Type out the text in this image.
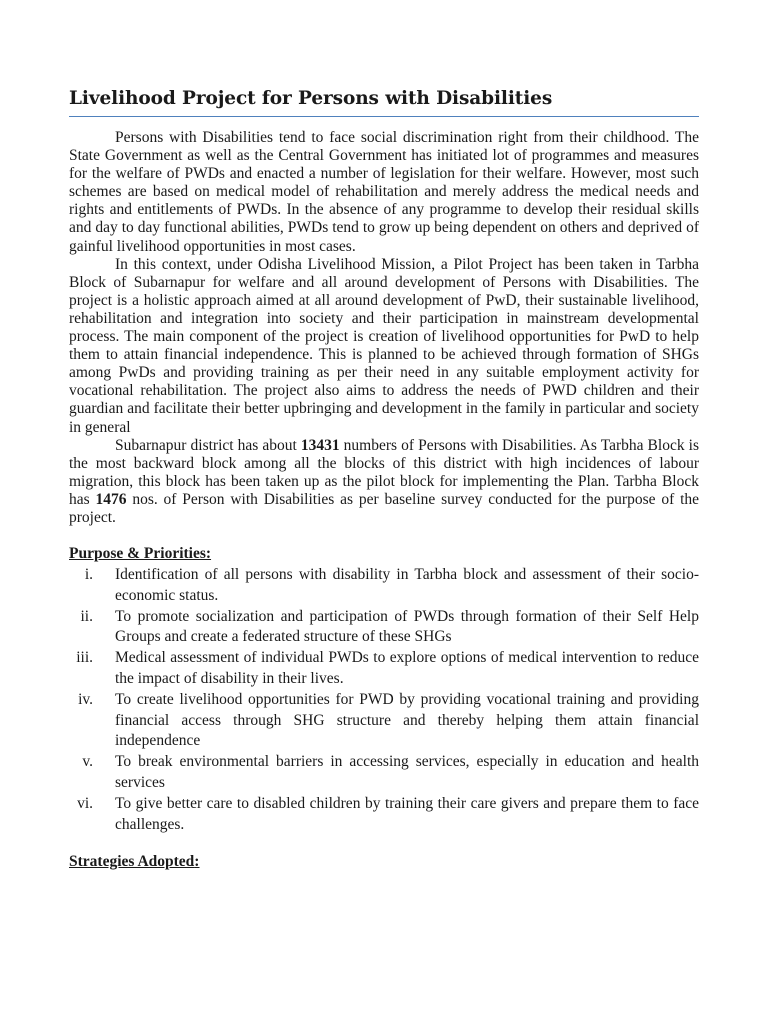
Livelihood Project for Persons with Disabilities

Persons with Disabilities tend to face social discrimination right from their childhood. The State Government as well as the Central Government has initiated lot of programmes and measures for the welfare of PWDs and enacted a number of legislation for their welfare. However, most such schemes are based on medical model of rehabilitation and merely address the medical needs and rights and entitlements of PWDs. In the absence of any programme to develop their residual skills and day to day functional abilities, PWDs tend to grow up being dependent on others and deprived of gainful livelihood opportunities in most cases.

In this context, under Odisha Livelihood Mission, a Pilot Project has been taken in Tarbha Block of Subarnapur for welfare and all around development of Persons with Disabilities. The project is a holistic approach aimed at all around development of PwD, their sustainable livelihood, rehabilitation and integration into society and their participation in mainstream developmental process. The main component of the project is creation of livelihood opportunities for PwD to help them to attain financial independence. This is planned to be achieved through formation of SHGs among PwDs and providing training as per their need in any suitable employment activity for vocational rehabilitation. The project also aims to address the needs of PWD children and their guardian and facilitate their better upbringing and development in the family in particular and society in general

Subarnapur district has about 13431 numbers of Persons with Disabilities. As Tarbha Block is the most backward block among all the blocks of this district with high incidences of labour migration, this block has been taken up as the pilot block for implementing the Plan. Tarbha Block has 1476 nos. of Person with Disabilities as per baseline survey conducted for the purpose of the project.

Purpose & Priorities:
i.	Identification of all persons with disability in Tarbha block and assessment of their socio-economic status.
ii.	To promote socialization and participation of PWDs through formation of their Self Help Groups and create a federated structure of these SHGs
iii.	Medical assessment of individual PWDs to explore options of medical intervention to reduce the impact of disability in their lives.
iv.	To create livelihood opportunities for PWD by providing vocational training and providing financial access through SHG structure and thereby helping them attain financial independence
v.	To break environmental barriers in accessing services, especially in education and health services
vi.	To give better care to disabled children by training their care givers and prepare them to face challenges.
Strategies Adopted:
